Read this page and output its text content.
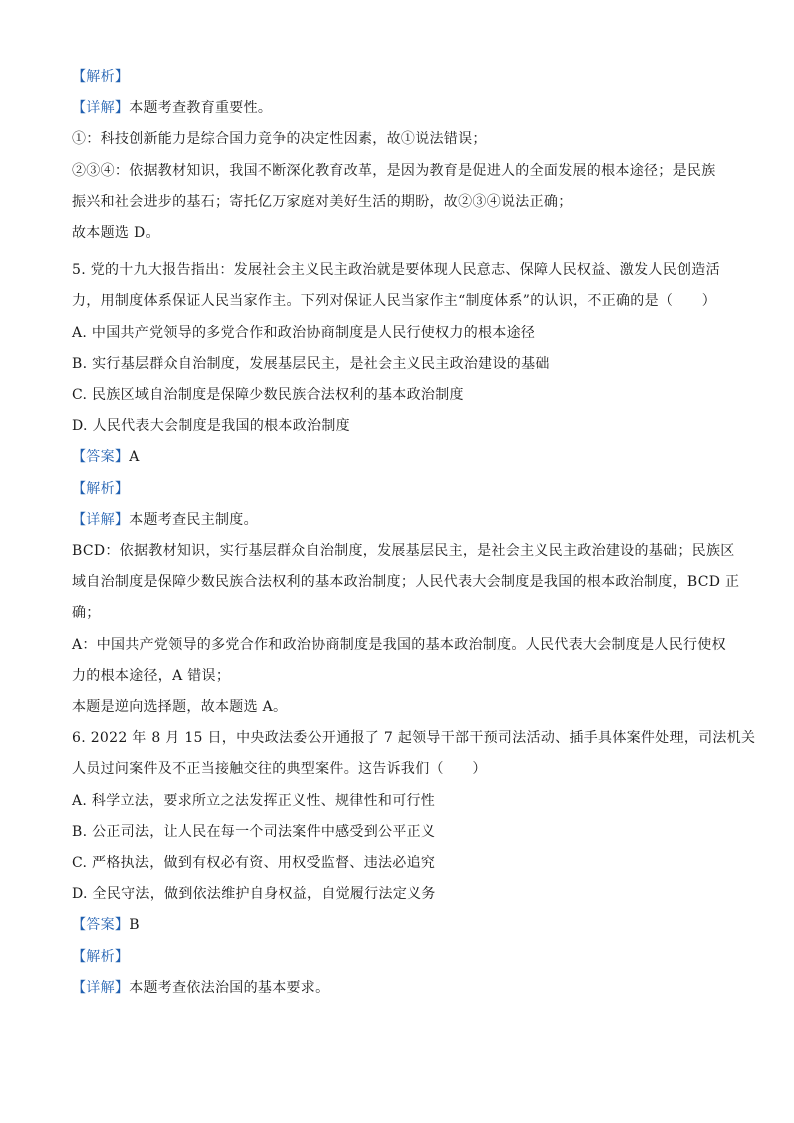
【解析】
【详解】本题考查教育重要性。
①：科技创新能力是综合国力竞争的决定性因素，故①说法错误；
②③④：依据教材知识，我国不断深化教育改革，是因为教育是促进人的全面发展的根本途径；是民族
振兴和社会进步的基石；寄托亿万家庭对美好生活的期盼，故②③④说法正确；
故本题选 D。
5. 党的十九大报告指出：发展社会主义民主政治就是要体现人民意志、保障人民权益、激发人民创造活
力，用制度体系保证人民当家作主。下列对保证人民当家作主“制度体系”的认识，不正确的是（　　）
A. 中国共产党领导的多党合作和政治协商制度是人民行使权力的根本途径
B. 实行基层群众自治制度，发展基层民主，是社会主义民主政治建设的基础
C. 民族区域自治制度是保障少数民族合法权利的基本政治制度
D. 人民代表大会制度是我国的根本政治制度
【答案】A
【解析】
【详解】本题考查民主制度。
BCD：依据教材知识，实行基层群众自治制度，发展基层民主，是社会主义民主政治建设的基础；民族区
域自治制度是保障少数民族合法权利的基本政治制度；人民代表大会制度是我国的根本政治制度，BCD 正
确；
A：中国共产党领导的多党合作和政治协商制度是我国的基本政治制度。人民代表大会制度是人民行使权
力的根本途径，A 错误；
本题是逆向选择题，故本题选 A。
6. 2022 年 8 月 15 日，中央政法委公开通报了 7 起领导干部干预司法活动、插手具体案件处理，司法机关
人员过问案件及不正当接触交往的典型案件。这告诉我们（　　）
A. 科学立法，要求所立之法发挥正义性、规律性和可行性
B. 公正司法，让人民在每一个司法案件中感受到公平正义
C. 严格执法，做到有权必有资、用权受监督、违法必追究
D. 全民守法，做到依法维护自身权益，自觉履行法定义务
【答案】B
【解析】
【详解】本题考查依法治国的基本要求。
